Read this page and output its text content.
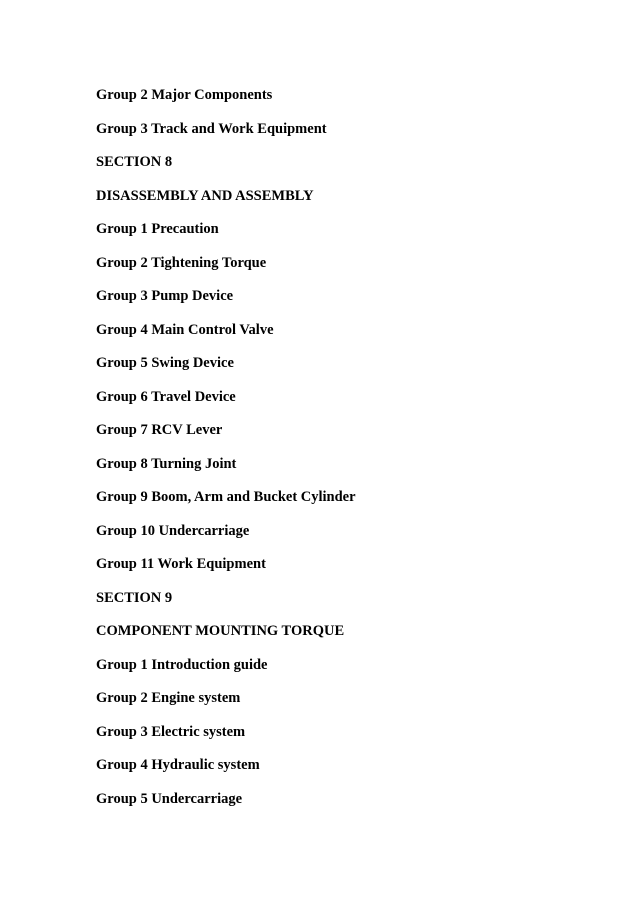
Group 2 Major Components
Group 3 Track and Work Equipment
SECTION 8
DISASSEMBLY AND ASSEMBLY
Group 1 Precaution
Group 2 Tightening Torque
Group 3 Pump Device
Group 4 Main Control Valve
Group 5 Swing Device
Group 6 Travel Device
Group 7 RCV Lever
Group 8 Turning Joint
Group 9 Boom, Arm and Bucket Cylinder
Group 10 Undercarriage
Group 11 Work Equipment
SECTION 9
COMPONENT MOUNTING TORQUE
Group 1 Introduction guide
Group 2 Engine system
Group 3 Electric system
Group 4 Hydraulic system
Group 5 Undercarriage
